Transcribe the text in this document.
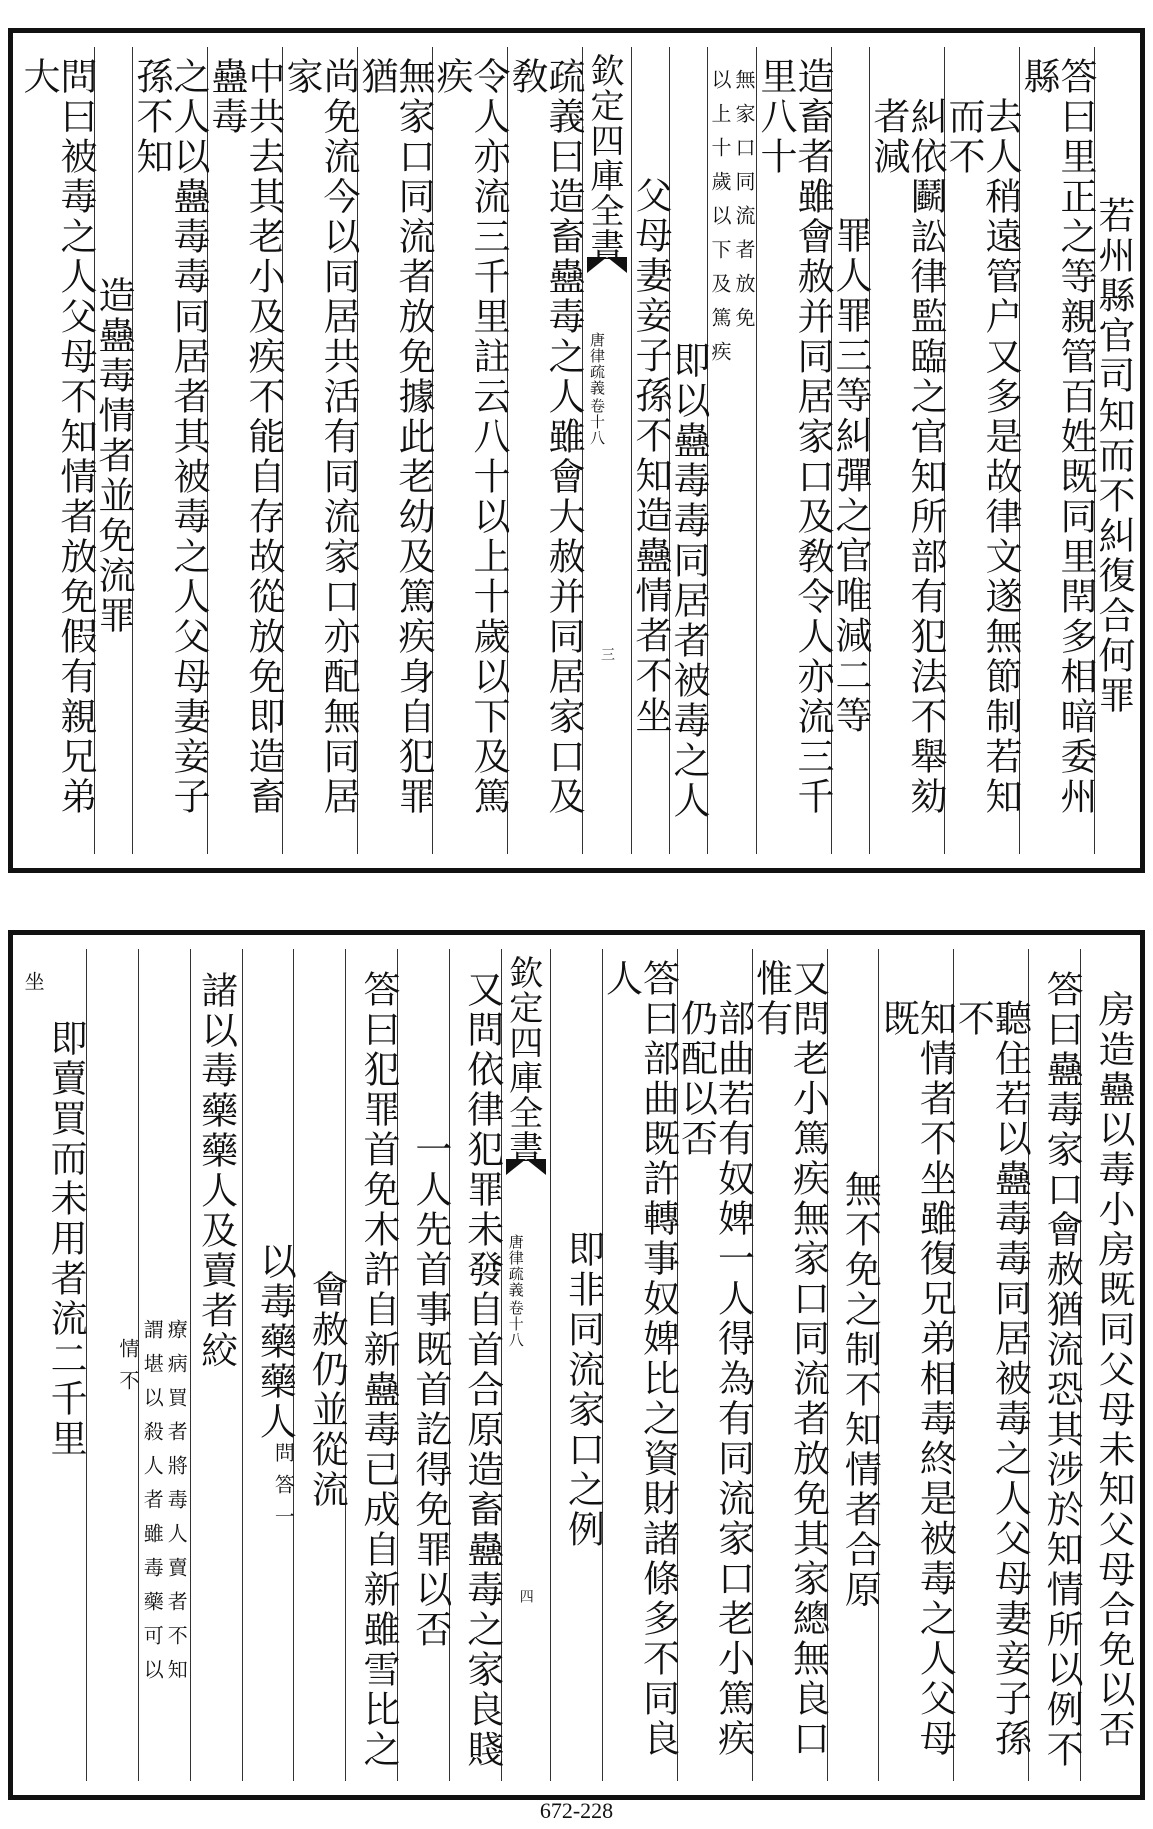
若州縣官司知而不糾復合何罪
答曰里正之等親管百姓既同里閈多相暗委州縣
去人稍遠管户又多是故律文遂無節制若知而不
糾依鬬訟律監臨之官知所部有犯法不舉劾者減
罪人罪三等糾彈之官唯減二等
造畜者雖會赦并同居家口及敎令人亦流三千里八十
以上十歲以下及篤疾 無家口同流者放免
即以蠱毒毒同居者被毒之人
父母妻妾子孫不知造蠱情者不坐
欽定四庫全書
唐律疏義
卷十八
三
疏義曰造畜蠱毒之人雖會大赦并同居家口及敎
令人亦流三千里註云八十以上十歲以下及篤疾
無家口同流者放免據此老幼及篤疾身自犯罪猶
尚免流今以同居共活有同流家口亦配無同居家
中共去其老小及疾不能自存故從放免即造畜蠱毒
之人以蠱毒毒同居者其被毒之人父母妻妾子孫不知
造蠱毒情者並免流罪
問曰被毒之人父母不知情者放免假有親兄弟大
房造蠱以毒小房既同父母未知父母合免以否
答曰蠱毒家口會赦猶流恐其涉於知情所以例不
聽住若以蠱毒毒同居被毒之人父母妻妾子孫不
知情者不坐雖復兄弟相毒終是被毒之人父母既
無不免之制不知情者合原
又問老小篤疾無家口同流者放免其家總無良口惟有
部曲若有奴婢一人得為有同流家口老小篤疾仍配以否
答曰部曲既許轉事奴婢比之資財諸條多不同良人
即非同流家口之例
欽定四庫全書
唐律疏義
卷十八
四
又問依律犯罪未發自首合原造畜蠱毒之家良賤
一人先首事既首訖得免罪以否
答曰犯罪首免木許自新蠱毒已成自新雖雪比之
會赦仍並從流
以毒藥藥人
問答一
諸以毒藥藥人及賣者絞
謂堪以殺人者雖毒藥可以 療病買者將毒人賣者不知
情不
坐
即賣買而未用者流二千里
672-228
